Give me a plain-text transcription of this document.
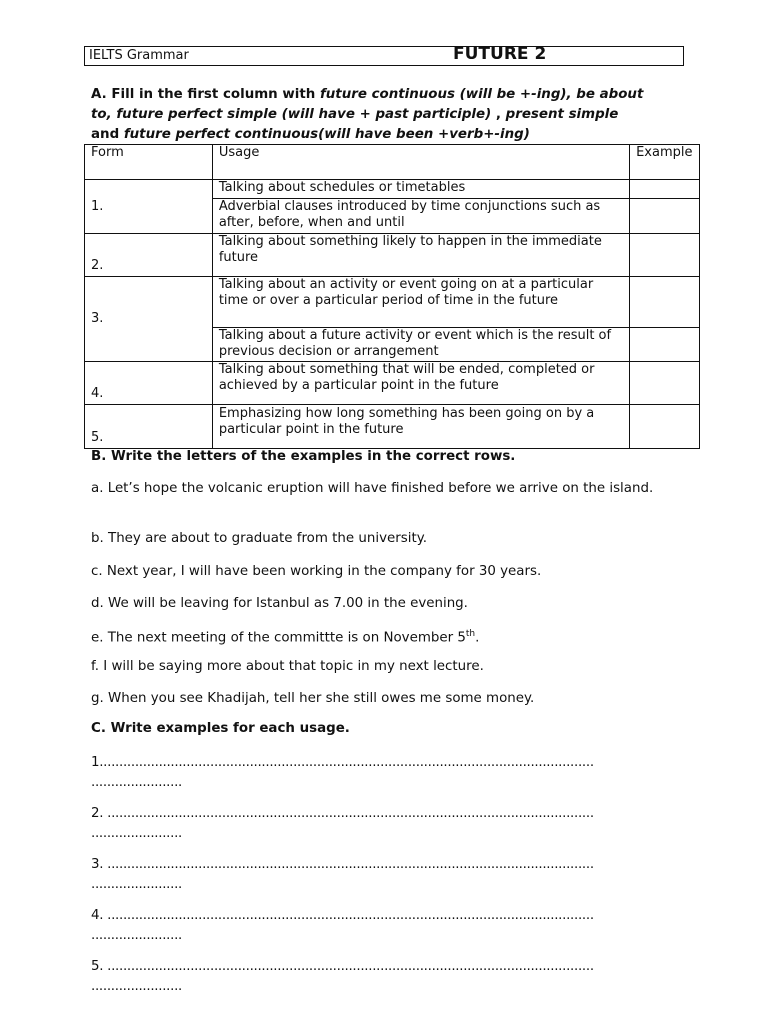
IELTS Grammar	FUTURE 2
A. Fill in the first column with future continuous (will be +-ing), be about to, future perfect simple (will have + past participle) , present simple and future perfect continuous(will have been +verb+-ing)
Form	Usage	Example
1.	Talking about schedules or timetables	
	Adverbial clauses introduced by time conjunctions such as after, before, when and until	
2.	Talking about something likely to happen in the immediate future	
3.	Talking about an activity or event going on at a particular time or over a particular period of time in the future	
	Talking about a future activity or event which is the result of previous decision or arrangement	
4.	Talking about something that will be ended, completed or achieved by a particular point in the future	
5.	Emphasizing how long something has been going on by a particular point in the future	
B. Write the letters of the examples in the correct rows.
a. Let’s hope the volcanic eruption will have finished before we arrive on the island.
b. They are about to graduate from the university.
c. Next year, I will have been working in the company for 30 years.
d. We will be leaving for Istanbul as 7.00 in the evening.
e. The next meeting of the committte is on November 5th.
f. I will be saying more about that topic in my next lecture.
g. When you see Khadijah, tell her she still owes me some money.
C. Write examples for each usage.
1.............................................................................................................................
.......................
2. ...........................................................................................................................
.......................
3. ...........................................................................................................................
.......................
4. ...........................................................................................................................
.......................
5. ...........................................................................................................................
.......................
